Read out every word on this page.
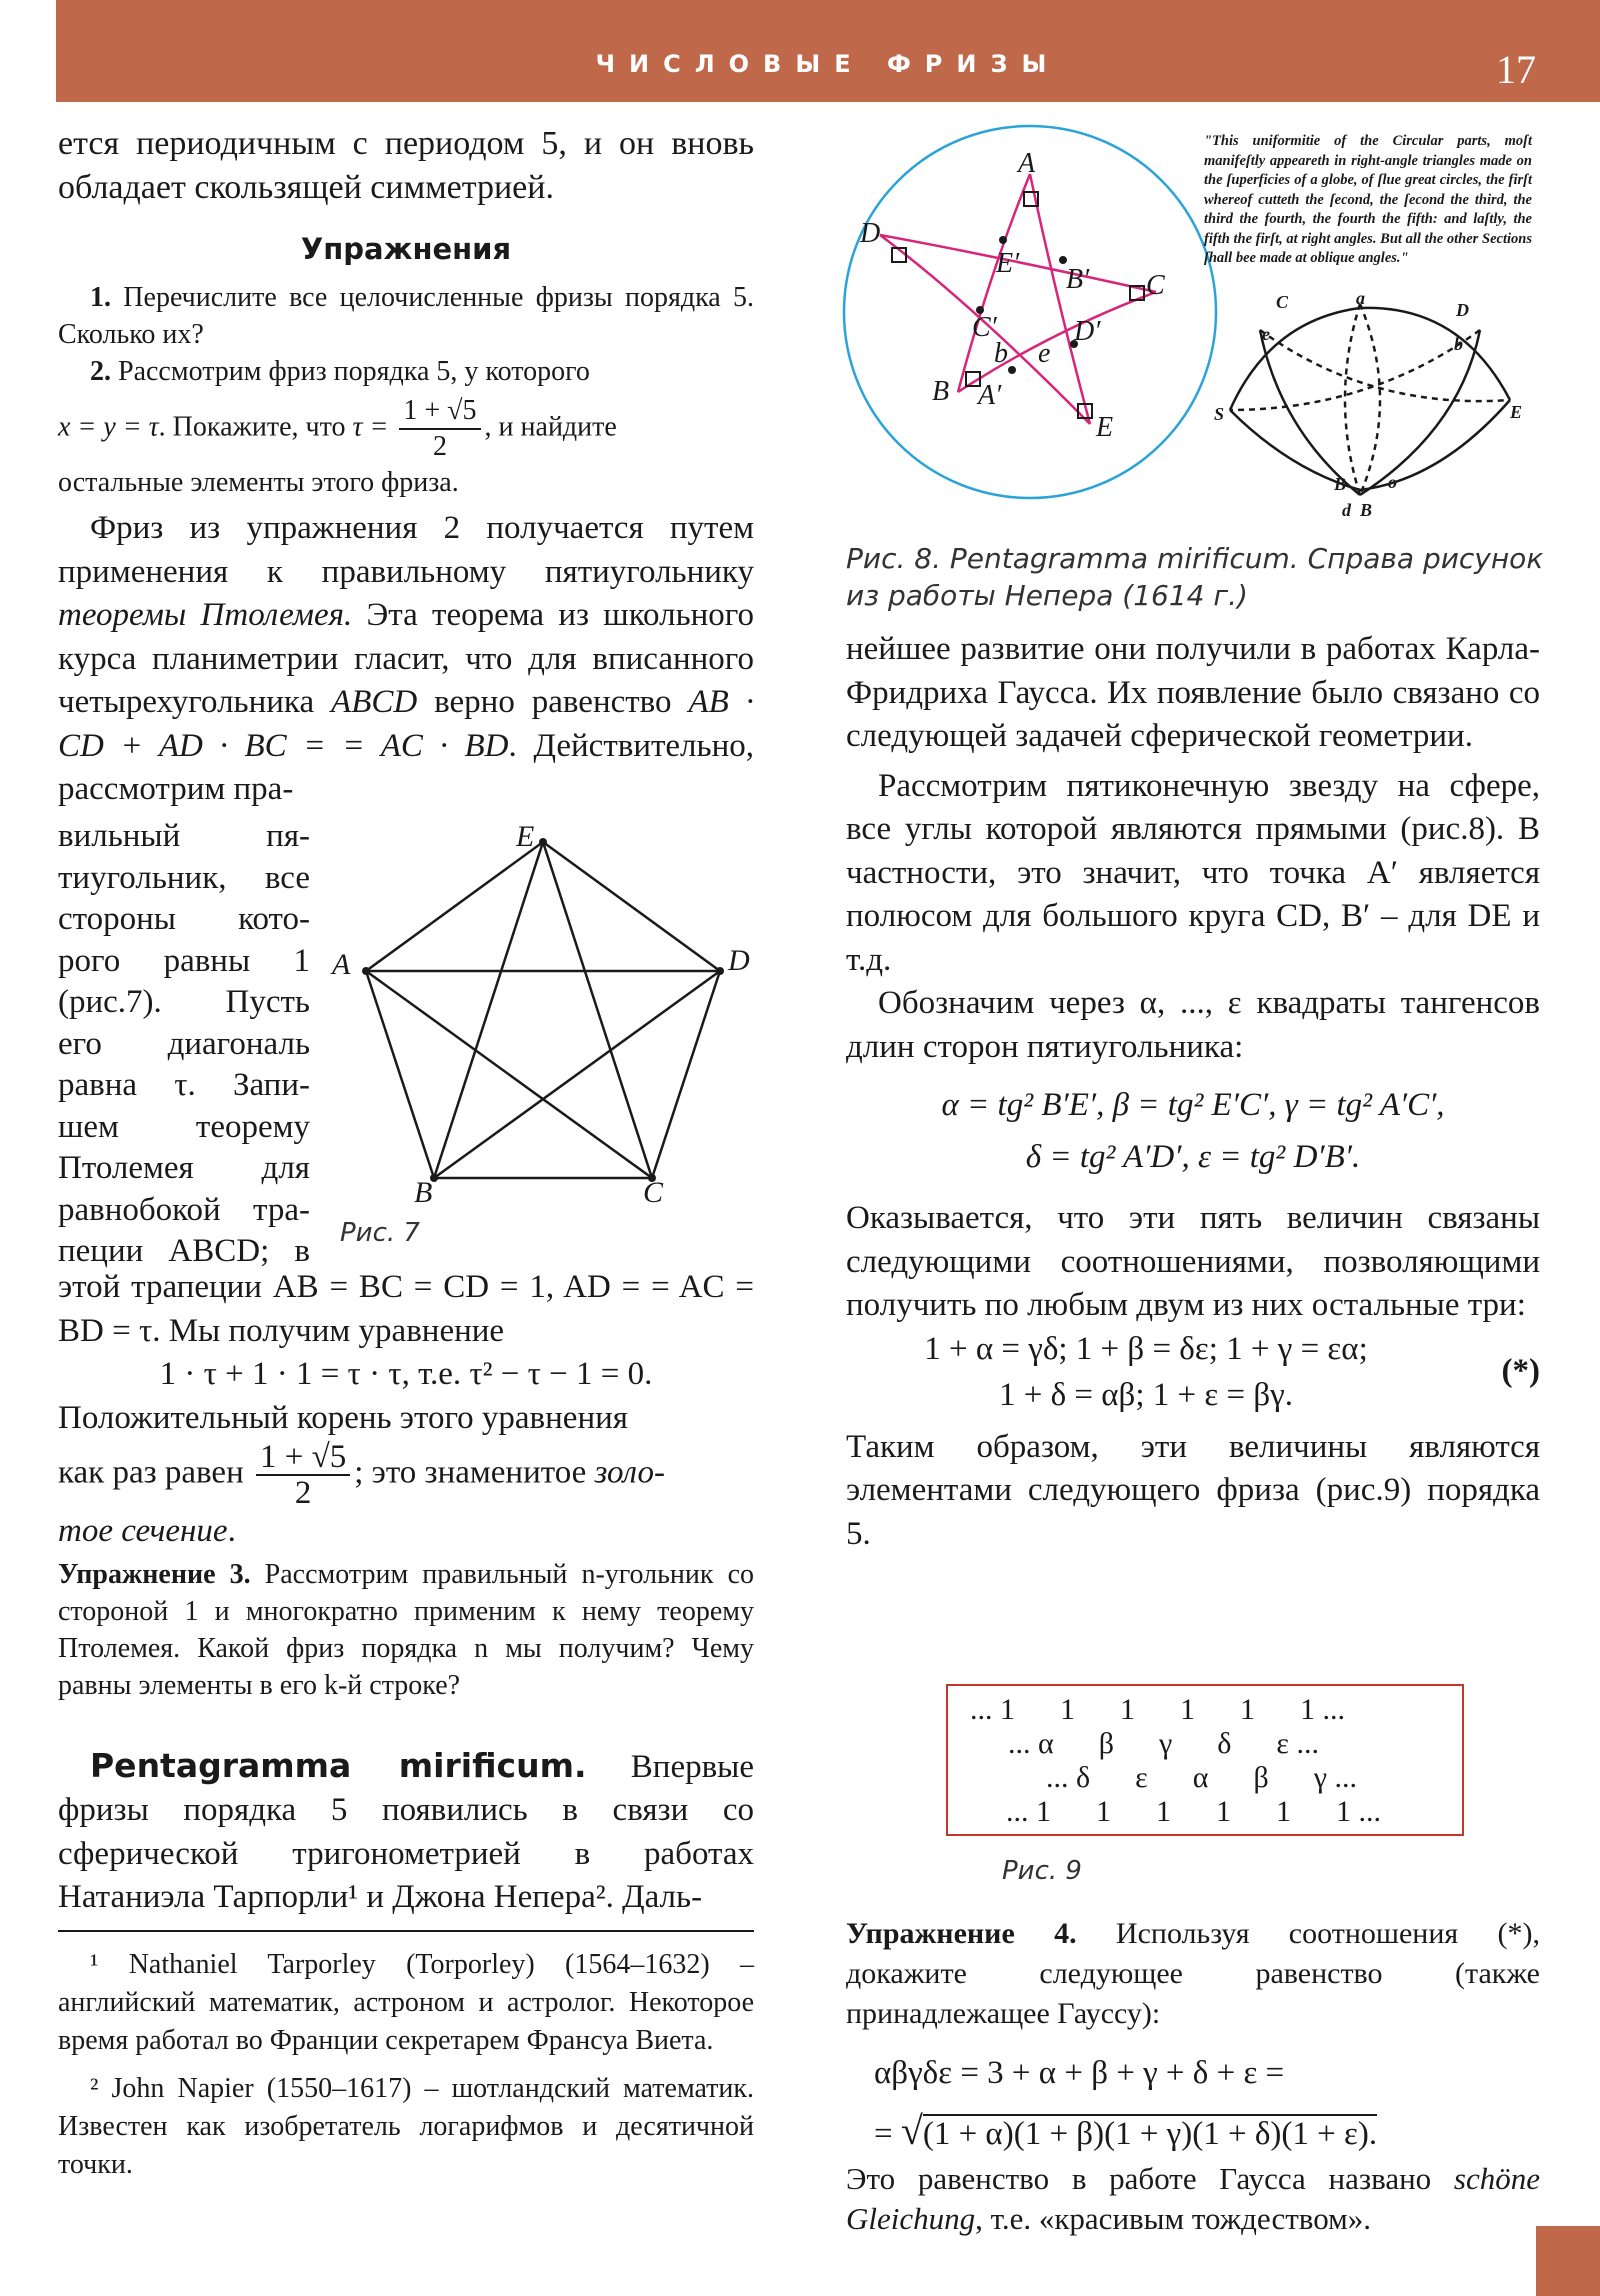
ЧИСЛОВЫЕ ФРИЗЫ	17

ется периодичным с периодом 5, и он вновь обладает скользящей симметрией.

Упражнения

1. Перечислите все целочисленные фризы порядка 5. Сколько их?

2. Рассмотрим фриз порядка 5, у которого

x = y = τ. Покажите, что $\tau = \frac{1 + √5}{2}$ , и найдите

остальные элементы этого фриза.

Фриз из упражнения 2 получается путем применения к правильному пятиугольнику теоремы Птолемея. Эта теорема из школьного курса планиметрии гласит, что для вписанного четырехугольника ABCD верно равенство AB · CD + AD · BC = = AC · BD. Действительно, рассмотрим пра-

вильный пя-
тиугольник, все
стороны кото-
рого равны 1
(рис.7). Пусть
его диагональ
равна τ. Запи-
шем теорему
Птолемея для
равнобокой тра-
пеции ABCD; в
E
D
A
B	C
Рис. 7

этой трапеции AB = BC = CD = 1, AD = = AC = BD = τ. Мы получим уравнение

1 · τ + 1 · 1 = τ · τ, т.е. τ² − τ − 1 = 0.

Положительный корень этого уравнения

как раз равен $\frac{1 + √5}{2}$ ; это знаменитое золо-

тое сечение.

Упражнение 3. Рассмотрим правильный n-угольник со стороной 1 и многократно применим к нему теорему Птолемея. Какой фриз порядка n мы получим? Чему равны элементы в его k-й строке?

Pentagramma mirificum. Впервые фризы порядка 5 появились в связи со сферической тригонометрией в работах Натаниэла Тарпорли¹ и Джона Непера². Даль-

¹ Nathaniel Tarporley (Torporley) (1564–1632) – английский математик, астроном и астролог. Некоторое время работал во Франции секретарем Франсуа Виета.

² John Napier (1550–1617) – шотландский математик. Известен как изобретатель логарифмов и десятичной точки.

A
D
E′
B′ C
C′	D′
b e
B A′
E
"This uniformitie of the Circular parts, moſt manifeſtly appeareth in right-angle triangles made on the ſuperficies of a globe, of ſlue great circles, the firſt whereof cutteth the ſecond, the ſecond the third, the third the fourth, the fourth the fifth: and laſtly, the fifth the firſt, at right angles. But all the other Sections ſhall bee made at oblique angles."
C	a
D
e	b
S	E
B o
d B
Рис. 8. Pentagramma mirificum. Справа рисунок из работы Непера (1614 г.)

нейшее развитие они получили в работах Карла-Фридриха Гаусса. Их появление было связано со следующей задачей сферической геометрии.

Рассмотрим пятиконечную звезду на сфере, все углы которой являются прямыми (рис.8). В частности, это значит, что точка A′ является полюсом для большого круга CD, B′ – для DE и т.д.

Обозначим через α, ..., ε квадраты тангенсов длин сторон пятиугольника:

α = tg² B′E′, β = tg² E′C′, γ = tg² A′C′,

δ = tg² A′D′, ε = tg² D′B′.

Оказывается, что эти пять величин связаны следующими соотношениями, позволяющими получить по любым двум из них остальные три:

1 + α = γδ; 1 + β = δε; 1 + γ = εα;

1 + δ = αβ; 1 + ε = βγ.

(*)

Таким образом, эти величины являются элементами следующего фриза (рис.9) порядка 5.

... 1      1      1      1      1      1 ...
... α      β      γ      δ      ε ...
... δ      ε      α      β      γ ...
... 1      1      1      1      1      1 ...
Рис. 9

Упражнение 4. Используя соотношения (*), докажите следующее равенство (также принадлежащее Гауссу):

αβγδε = 3 + α + β + γ + δ + ε =

= √(1 + α)(1 + β)(1 + γ)(1 + δ)(1 + ε).

Это равенство в работе Гаусса названо schöne Gleichung, т.е. «красивым тождеством».
